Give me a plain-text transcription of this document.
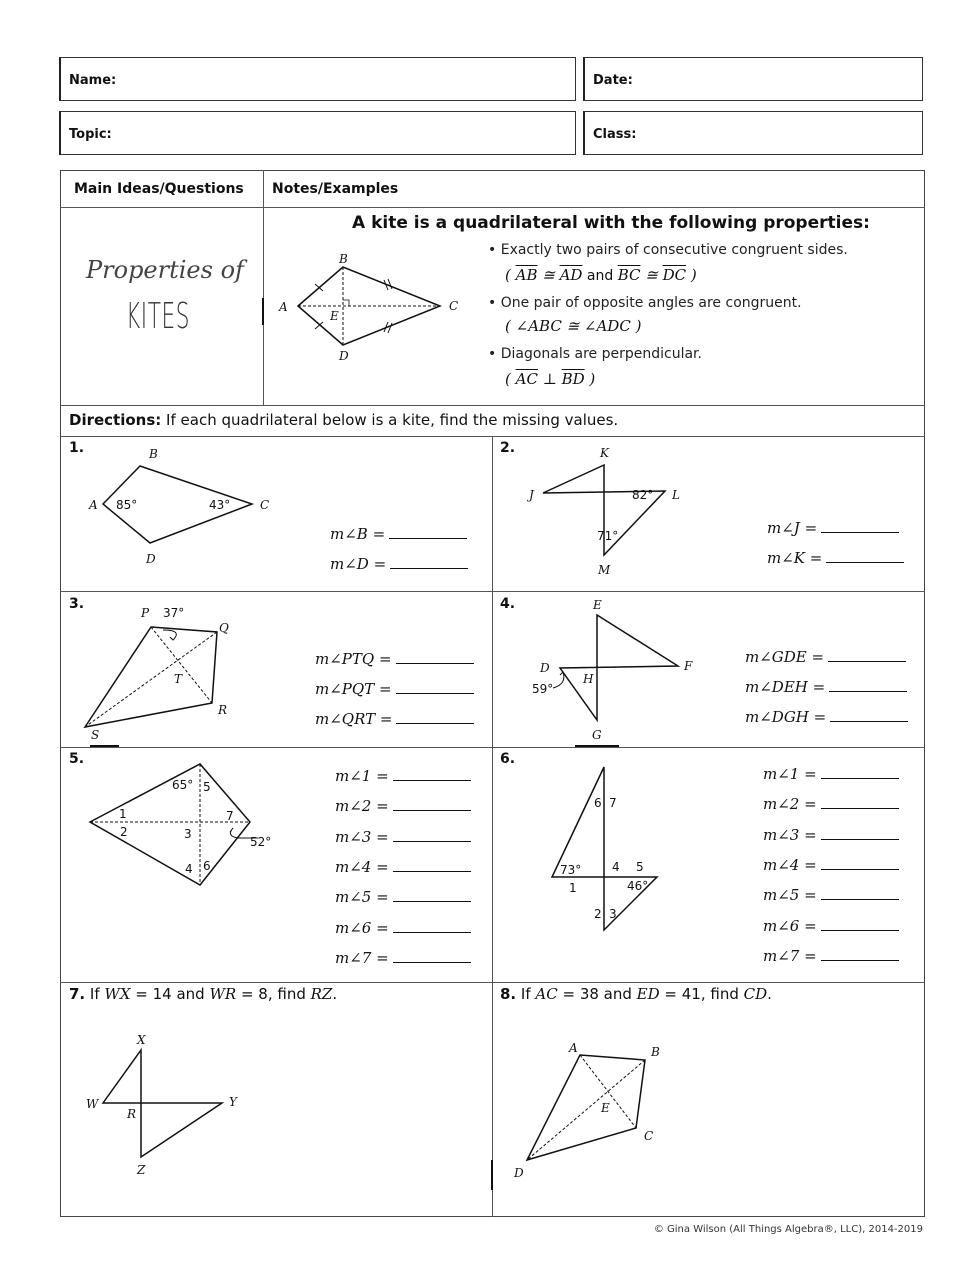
Name:	Date:
Topic:	Class:
Main Ideas/Questions Notes/Examples
Properties of
KITES
A kite is a quadrilateral with the following properties:
• Exactly two pairs of consecutive congruent sides.
( $\overline{AB}$ ≅ $\overline{AD}$ and $\overline{BC}$ ≅ $\overline{DC}$ )
• One pair of opposite angles are congruent.
( ∠ABC ≅ ∠ADC )
• Diagonals are perpendicular.
( $\overline{AC}$ ⊥ $\overline{BD}$ )
Directions: If each quadrilateral below is a kite, find the missing values.
1.	2.
3.	4.
5.	6.
7. If WX = 14 and WR = 8, find RZ.	8. If AC = 38 and ED = 41, find CD.
m∠B =
m∠D =
m∠J =
m∠K =
m∠PTQ =
m∠PQT =
m∠QRT =
m∠GDE =
m∠DEH =
m∠DGH =
m∠1 =
m∠2 =
m∠3 =
m∠4 =
m∠5 =
m∠6 =
m∠7 =
m∠1 =
m∠2 =
m∠3 =
m∠4 =
m∠5 =
m∠6 =
m∠7 =
B
A	C
D
E
B
A	C
D
85°	43°
K
J	L
M
82°
71°
P 37°
Q
T
R
S
E
F
D
H
59°
G
65° 5
1	7
2	3
52°
4 6
6 7
73°	4 5
1	46°
2 3
X
W	Y
R
Z
A	B
E
C
D
© Gina Wilson (All Things Algebra®, LLC), 2014-2019
